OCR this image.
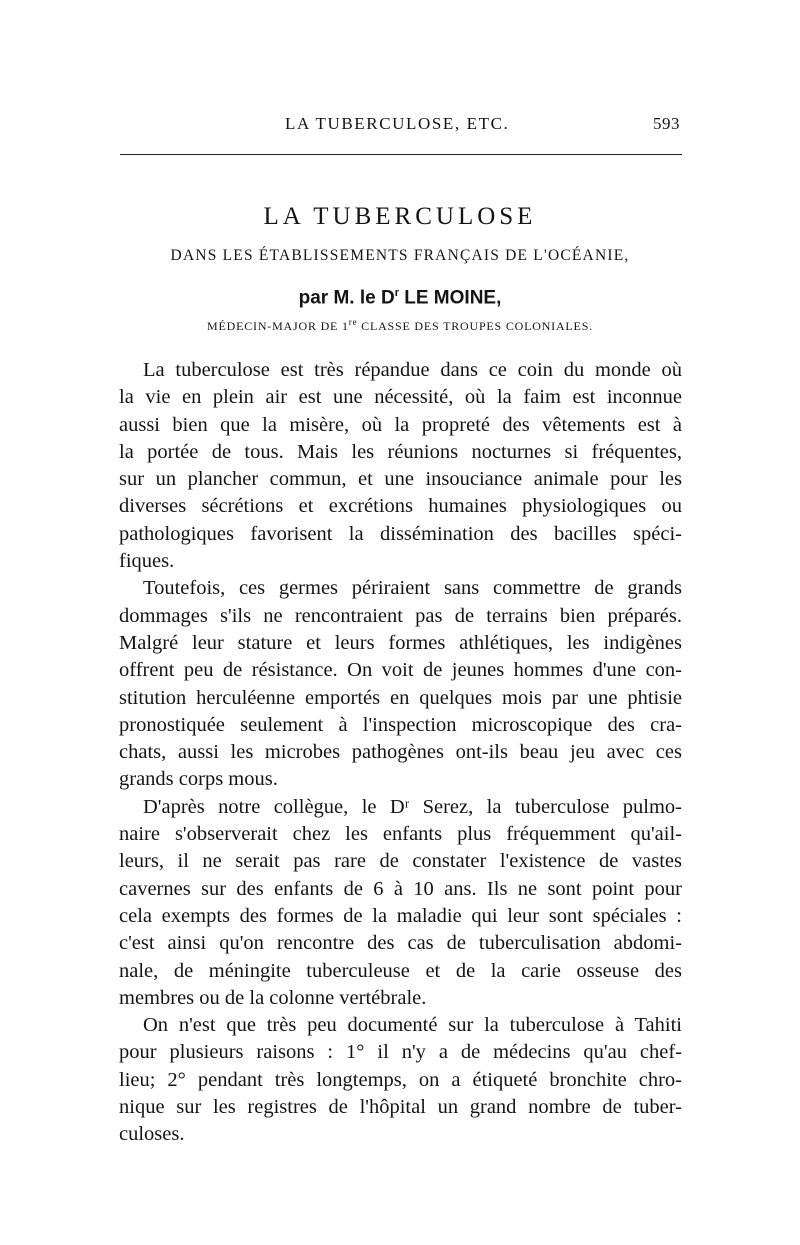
LA TUBERCULOSE, ETC.	593
LA TUBERCULOSE
DANS LES ÉTABLISSEMENTS FRANÇAIS DE L'OCÉANIE,
par M. le $D^r$ LE MOINE,
MÉDECIN-MAJOR DE 1re CLASSE DES TROUPES COLONIALES.

La tuberculose est très répandue dans ce coin du monde où
la vie en plein air est une nécessité, où la faim est inconnue
aussi bien que la misère, où la propreté des vêtements est à
la portée de tous. Mais les réunions nocturnes si fréquentes,
sur un plancher commun, et une insouciance animale pour les
diverses sécrétions et excrétions humaines physiologiques ou
pathologiques favorisent la dissémination des bacilles spéci-
fiques.

Toutefois, ces germes périraient sans commettre de grands
dommages s'ils ne rencontraient pas de terrains bien préparés.
Malgré leur stature et leurs formes athlétiques, les indigènes
offrent peu de résistance. On voit de jeunes hommes d'une con-
stitution herculéenne emportés en quelques mois par une phtisie
pronostiquée seulement à l'inspection microscopique des cra-
chats, aussi les microbes pathogènes ont-ils beau jeu avec ces
grands corps mous.

D'après notre collègue, le Dʳ Serez, la tuberculose pulmo-
naire s'observerait chez les enfants plus fréquemment qu'ail-
leurs, il ne serait pas rare de constater l'existence de vastes
cavernes sur des enfants de 6 à 10 ans. Ils ne sont point pour
cela exempts des formes de la maladie qui leur sont spéciales :
c'est ainsi qu'on rencontre des cas de tuberculisation abdomi-
nale, de méningite tuberculeuse et de la carie osseuse des
membres ou de la colonne vertébrale.

On n'est que très peu documenté sur la tuberculose à Tahiti
pour plusieurs raisons : 1° il n'y a de médecins qu'au chef-
lieu; 2° pendant très longtemps, on a étiqueté bronchite chro-
nique sur les registres de l'hôpital un grand nombre de tuber-
culoses.
